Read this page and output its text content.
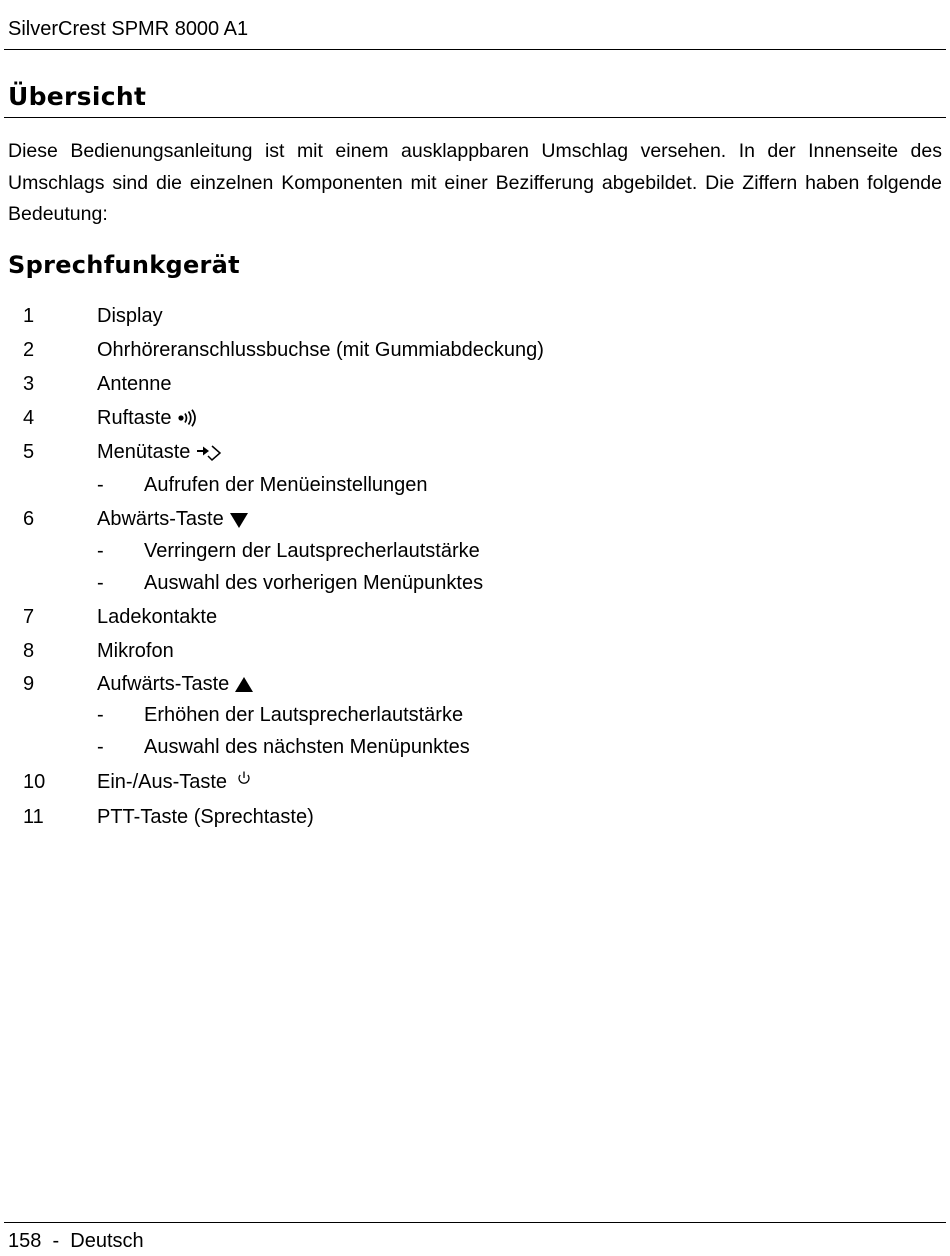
SilverCrest SPMR 8000 A1
Übersicht

Diese Bedienungsanleitung ist mit einem ausklappbaren Umschlag versehen. In der Innenseite des Umschlags sind die einzelnen Komponenten mit einer Bezifferung abgebildet. Die Ziffern haben folgende Bedeutung:

Sprechfunkgerät
1	Display
2	Ohrhöreranschlussbuchse (mit Gummiabdeckung)
3	Antenne
4	Ruftaste
5	Menütaste
- Aufrufen der Menüeinstellungen
6	Abwärts-Taste
- Verringern der Lautsprecherlautstärke
- Auswahl des vorherigen Menüpunktes
7	Ladekontakte
8	Mikrofon
9	Aufwärts-Taste
- Erhöhen der Lautsprecherlautstärke
- Auswahl des nächsten Menüpunktes
10	Ein-/Aus-Taste
11	PTT-Taste (Sprechtaste)
158 - Deutsch
